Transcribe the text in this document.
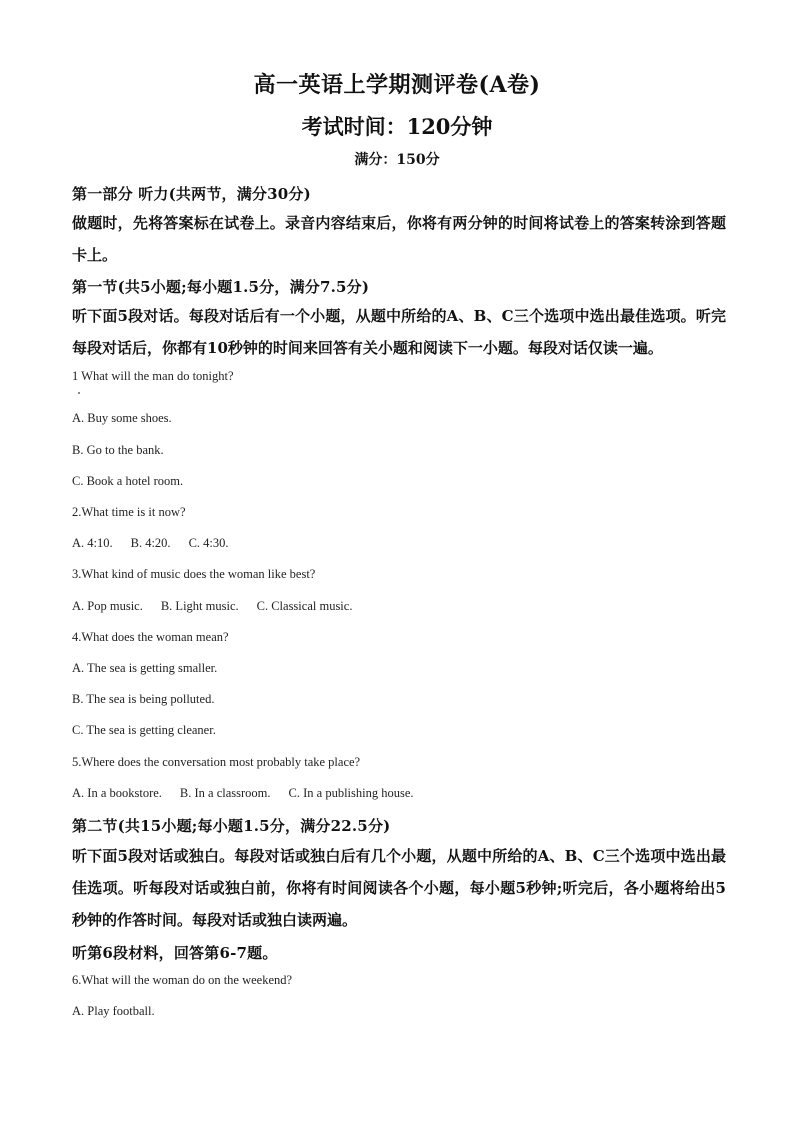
高一英语上学期测评卷(A卷)
考试时间：120分钟
满分：150分
第一部分 听力(共两节，满分30分)
做题时，先将答案标在试卷上。录音内容结束后，你将有两分钟的时间将试卷上的答案转涂到答题卡上。
第一节(共5小题;每小题1.5分，满分7.5分)
听下面5段对话。每段对话后有一个小题，从题中所给的A、B、C三个选项中选出最佳选项。听完每段对话后，你都有10秒钟的时间来回答有关小题和阅读下一小题。每段对话仅读一遍。
1 What will the man do tonight?
A. Buy some shoes.
B. Go to the bank.
C. Book a hotel room.
2.What time is it now?
A. 4:10. B. 4:20. C. 4:30.
3.What kind of music does the woman like best?
A. Pop music. B. Light music. C. Classical music.
4.What does the woman mean?
A. The sea is getting smaller.
B. The sea is being polluted.
C. The sea is getting cleaner.
5.Where does the conversation most probably take place?
A. In a bookstore. B. In a classroom. C. In a publishing house.
第二节(共15小题;每小题1.5分，满分22.5分)
听下面5段对话或独白。每段对话或独白后有几个小题，从题中所给的A、B、C三个选项中选出最佳选项。听每段对话或独白前，你将有时间阅读各个小题，每小题5秒钟;听完后，各小题将给出5秒钟的作答时间。每段对话或独白读两遍。
听第6段材料，回答第6-7题。
6.What will the woman do on the weekend?
A. Play football.
